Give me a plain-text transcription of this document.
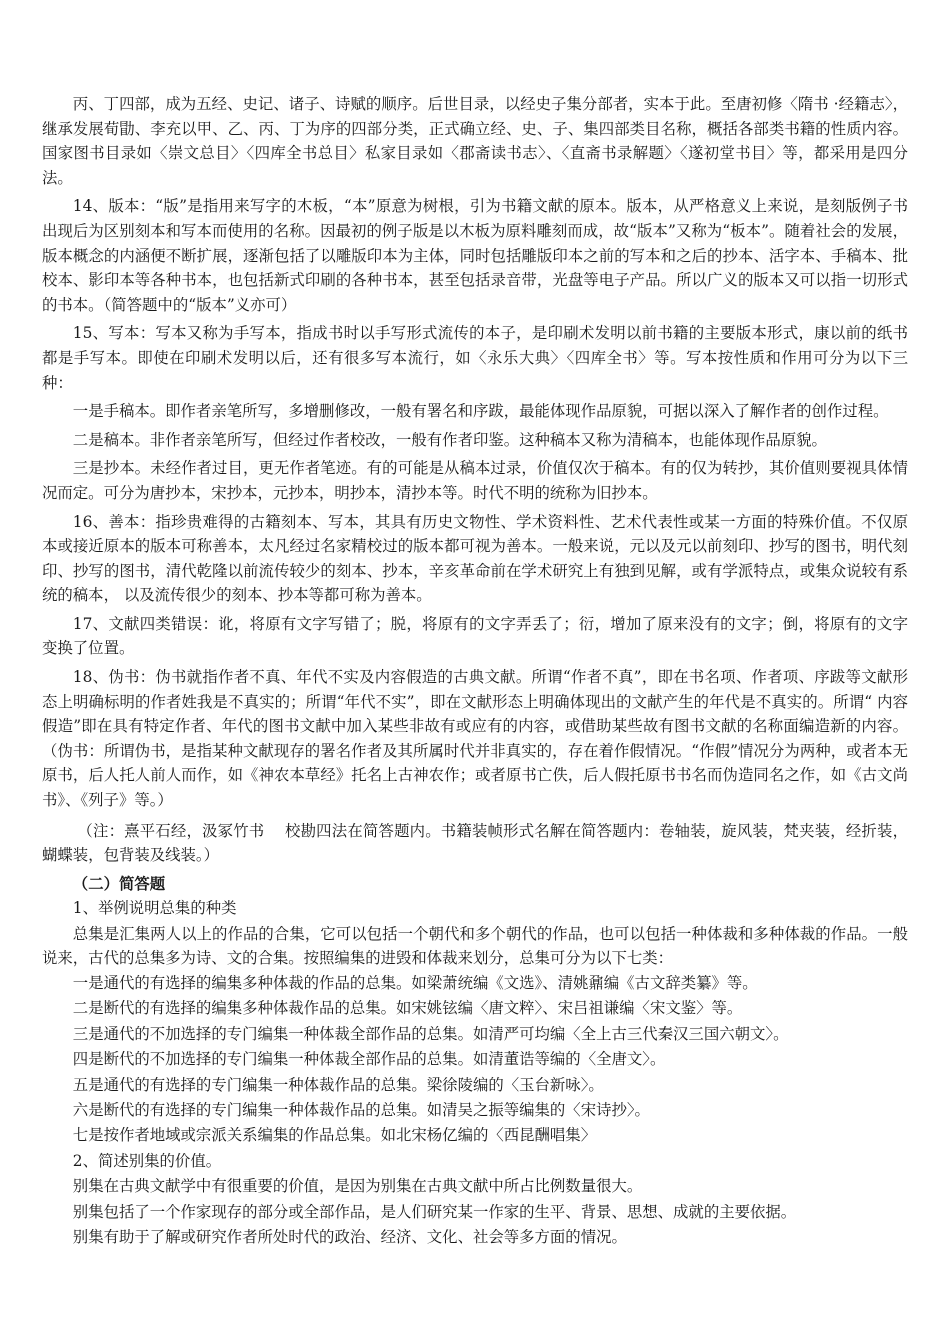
丙、丁四部，成为五经、史记、诸子、诗赋的顺序。后世目录，以经史子集分部者，实本于此。至唐初修〈隋书 ·经籍志〉，继承发展荀勖、李充以甲、乙、丙、丁为序的四部分类，正式确立经、史、子、集四部类目名称，概括各部类书籍的性质内容。国家图书目录如〈崇文总目〉〈四库全书总目〉私家目录如〈郡斋读书志〉、〈直斋书录解题〉〈遂初堂书目〉等，都采用是四分法。

14、版本：“版”是指用来写字的木板，“本”原意为树根，引为书籍文献的原本。版本，从严格意义上来说，是刻版例子书出现后为区别刻本和写本而使用的名称。因最初的例子版是以木板为原料雕刻而成，故“版本”又称为“板本”。随着社会的发展，版本概念的内涵便不断扩展，逐渐包括了以雕版印本为主体，同时包括雕版印本之前的写本和之后的抄本、活字本、手稿本、批校本、影印本等各种书本，也包括新式印刷的各种书本，甚至包括录音带，光盘等电子产品。所以广义的版本又可以指一切形式的书本。（简答题中的“版本”义亦可）

15、写本：写本又称为手写本，指成书时以手写形式流传的本子，是印刷术发明以前书籍的主要版本形式，康以前的纸书都是手写本。即使在印刷术发明以后，还有很多写本流行，如〈永乐大典〉〈四库全书〉等。写本按性质和作用可分为以下三种：

一是手稿本。即作者亲笔所写，多增删修改，一般有署名和序跋，最能体现作品原貌，可据以深入了解作者的创作过程。

二是稿本。非作者亲笔所写，但经过作者校改，一般有作者印鉴。这种稿本又称为清稿本，也能体现作品原貌。

三是抄本。未经作者过目，更无作者笔迹。有的可能是从稿本过录，价值仅次于稿本。有的仅为转抄，其价值则要视具体情况而定。可分为唐抄本，宋抄本，元抄本，明抄本，清抄本等。时代不明的统称为旧抄本。

16、善本：指珍贵难得的古籍刻本、写本，其具有历史文物性、学术资料性、艺术代表性或某一方面的特殊价值。不仅原本或接近原本的版本可称善本，太凡经过名家精校过的版本都可视为善本。一般来说，元以及元以前刻印、抄写的图书，明代刻印、抄写的图书，清代乾隆以前流传较少的刻本、抄本，辛亥革命前在学术研究上有独到见解，或有学派特点，或集众说较有系统的稿本， 以及流传很少的刻本、抄本等都可称为善本。

17、文献四类错误：讹，将原有文字写错了；脱，将原有的文字弄丢了；衍，增加了原来没有的文字；倒，将原有的文字变换了位置。

18、伪书：伪书就指作者不真、年代不实及内容假造的古典文献。所谓“作者不真”，即在书名项、作者项、序跋等文献形态上明确标明的作者姓我是不真实的；所谓“年代不实”，即在文献形态上明确体现出的文献产生的年代是不真实的。所谓“ 内容假造”即在具有特定作者、年代的图书文献中加入某些非故有或应有的内容，或借助某些故有图书文献的名称面编造新的内容。（伪书：所谓伪书，是指某种文献现存的署名作者及其所属时代并非真实的，存在着作假情况。“作假”情况分为两种，或者本无原书，后人托人前人而作，如《神农本草经》托名上古神农作；或者原书亡佚，后人假托原书书名而伪造同名之作，如《古文尚书》、《列子》等。）

（注：熹平石经，汲冢竹书　 校勘四法在简答题内。书籍装帧形式名解在简答题内：卷轴装，旋风装，梵夹装，经折装，蝴蝶装，包背装及线装。）

（二）简答题

1、举例说明总集的种类

总集是汇集两人以上的作品的合集，它可以包括一个朝代和多个朝代的作品，也可以包括一种体裁和多种体裁的作品。一般说来，古代的总集多为诗、文的合集。按照编集的进毁和体裁来划分，总集可分为以下七类：

一是通代的有选择的编集多种体裁的作品的总集。如梁萧统编《文选》、清姚鼐编《古文辞类纂》等。

二是断代的有选择的编集多种体裁作品的总集。如宋姚铉编〈唐文粹〉、宋吕祖谦编〈宋文鉴〉等。

三是通代的不加选择的专门编集一种体裁全部作品的总集。如清严可均编〈全上古三代秦汉三国六朝文〉。

四是断代的不加选择的专门编集一种体裁全部作品的总集。如清董诰等编的〈全唐文〉。

五是通代的有选择的专门编集一种体裁作品的总集。梁徐陵编的〈玉台新咏〉。

六是断代的有选择的专门编集一种体裁作品的总集。如清吴之振等编集的〈宋诗抄〉。

七是按作者地域或宗派关系编集的作品总集。如北宋杨亿编的〈西昆酬唱集〉

2、简述别集的价值。

别集在古典文献学中有很重要的价值，是因为别集在古典文献中所占比例数量很大。

别集包括了一个作家现存的部分或全部作品，是人们研究某一作家的生平、背景、思想、成就的主要依据。

别集有助于了解或研究作者所处时代的政治、经济、文化、社会等多方面的情况。
